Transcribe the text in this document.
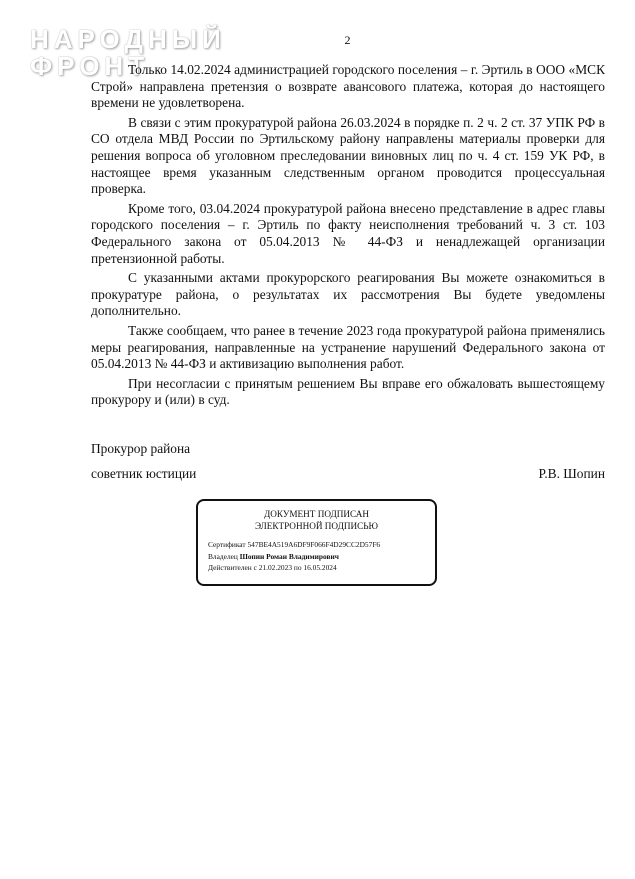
НАРОДНЫЙ
ФРОНТ
2

Только 14.02.2024 администрацией городского поселения – г. Эртиль в ООО «МСК Строй» направлена претензия о возврате авансового платежа, которая до настоящего времени не удовлетворена.

В связи с этим прокуратурой района 26.03.2024 в порядке п. 2 ч. 2 ст. 37 УПК РФ в СО отдела МВД России по Эртильскому району направлены материалы проверки для решения вопроса об уголовном преследовании виновных лиц по ч. 4 ст. 159 УК РФ, в настоящее время указанным следственным органом проводится процессуальная проверка.

Кроме того, 03.04.2024 прокуратурой района внесено представление в адрес главы городского поселения – г. Эртиль по факту неисполнения требований ч. 3 ст. 103 Федерального закона от 05.04.2013 № 44-ФЗ и ненадлежащей организации претензионной работы.

С указанными актами прокурорского реагирования Вы можете ознакомиться в прокуратуре района, о результатах их рассмотрения Вы будете уведомлены дополнительно.

Также сообщаем, что ранее в течение 2023 года прокуратурой района применялись меры реагирования, направленные на устранение нарушений Федерального закона от 05.04.2013 № 44-ФЗ и активизацию выполнения работ.

При несогласии с принятым решением Вы вправе его обжаловать вышестоящему прокурору и (или) в суд.

Прокурор района
советник юстиции	Р.В. Шопин
ДОКУМЕНТ ПОДПИСАН
ЭЛЕКТРОННОЙ ПОДПИСЬЮ
Сертификат 547BE4A519A6DF9F066F4D29CC2D57F6
Владелец Шопин Роман Владимирович
Действителен с 21.02.2023 по 16.05.2024
